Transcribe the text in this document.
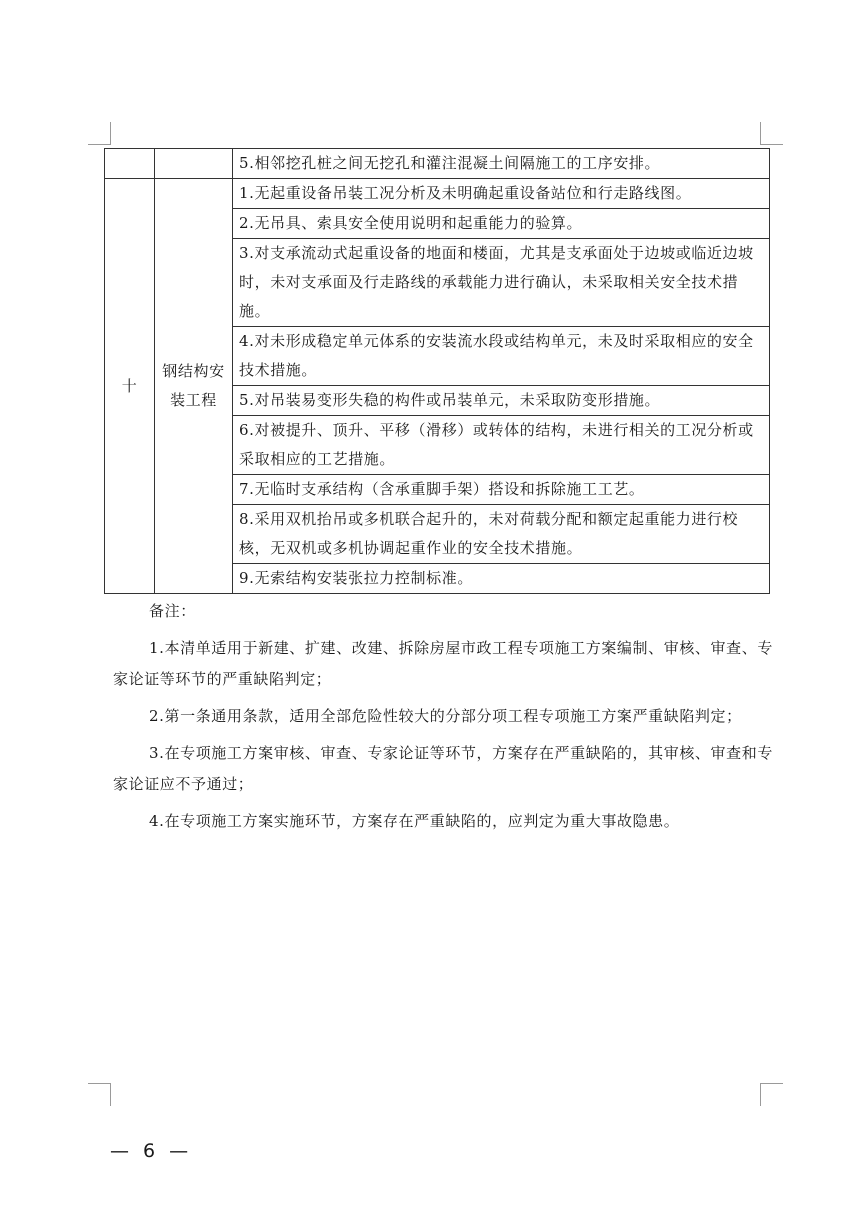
		5.相邻挖孔桩之间无挖孔和灌注混凝土间隔施工的工序安排。
十	钢结构安装工程	1.无起重设备吊装工况分析及未明确起重设备站位和行走路线图。
		2.无吊具、索具安全使用说明和起重能力的验算。
		3.对支承流动式起重设备的地面和楼面，尤其是支承面处于边坡或临近边坡时，未对支承面及行走路线的承载能力进行确认，未采取相关安全技术措施。
		4.对未形成稳定单元体系的安装流水段或结构单元，未及时采取相应的安全技术措施。
		5.对吊装易变形失稳的构件或吊装单元，未采取防变形措施。
		6.对被提升、顶升、平移（滑移）或转体的结构，未进行相关的工况分析或采取相应的工艺措施。
		7.无临时支承结构（含承重脚手架）搭设和拆除施工工艺。
		8.采用双机抬吊或多机联合起升的，未对荷载分配和额定起重能力进行校核，无双机或多机协调起重作业的安全技术措施。
		9.无索结构安装张拉力控制标准。

备注：

1.本清单适用于新建、扩建、改建、拆除房屋市政工程专项施工方案编制、审核、审查、专家论证等环节的严重缺陷判定；

2.第一条通用条款，适用全部危险性较大的分部分项工程专项施工方案严重缺陷判定；

3.在专项施工方案审核、审查、专家论证等环节，方案存在严重缺陷的，其审核、审查和专家论证应不予通过；

4.在专项施工方案实施环节，方案存在严重缺陷的，应判定为重大事故隐患。

— 6 —
